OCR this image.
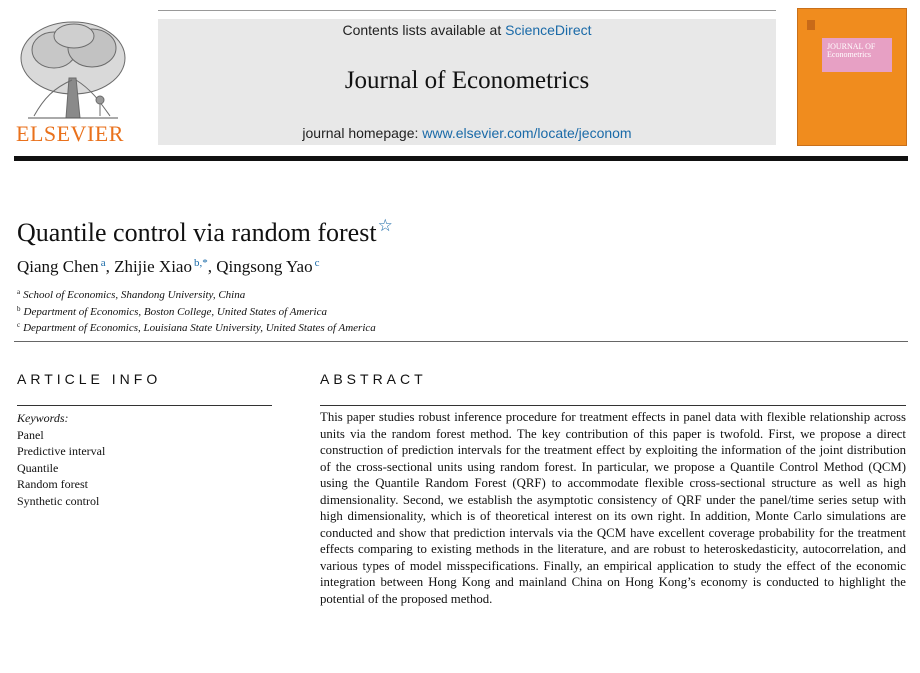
ELSEVIER
Contents lists available at ScienceDirect
Journal of Econometrics
journal homepage: www.elsevier.com/locate/jeconom
JOURNAL OF
Econometrics
Quantile control via random forest☆
Qiang Chen $^a$, Zhijie Xiao $^{b,*}$, Qingsong Yao $^c$
$^a$ School of Economics, Shandong University, China
$^b$ Department of Economics, Boston College, United States of America
$^c$ Department of Economics, Louisiana State University, United States of America
ARTICLE INFO
Keywords:
Panel
Predictive interval
Quantile
Random forest
Synthetic control
ABSTRACT
This paper studies robust inference procedure for treatment effects in panel data with flexible relationship across units via the random forest method. The key contribution of this paper is twofold. First, we propose a direct construction of prediction intervals for the treatment effect by exploiting the information of the joint distribution of the cross-sectional units using random forest. In particular, we propose a Quantile Control Method (QCM) using the Quantile Random Forest (QRF) to accommodate flexible cross-sectional structure as well as high dimensionality. Second, we establish the asymptotic consistency of QRF under the panel/time series setup with high dimensionality, which is of theoretical interest on its own right. In addition, Monte Carlo simulations are conducted and show that prediction intervals via the QCM have excellent coverage probability for the treatment effects comparing to existing methods in the literature, and are robust to heteroskedasticity, autocorrelation, and various types of model misspecifications. Finally, an empirical application to study the effect of the economic integration between Hong Kong and mainland China on Hong Kong’s economy is conducted to highlight the potential of the proposed method.
